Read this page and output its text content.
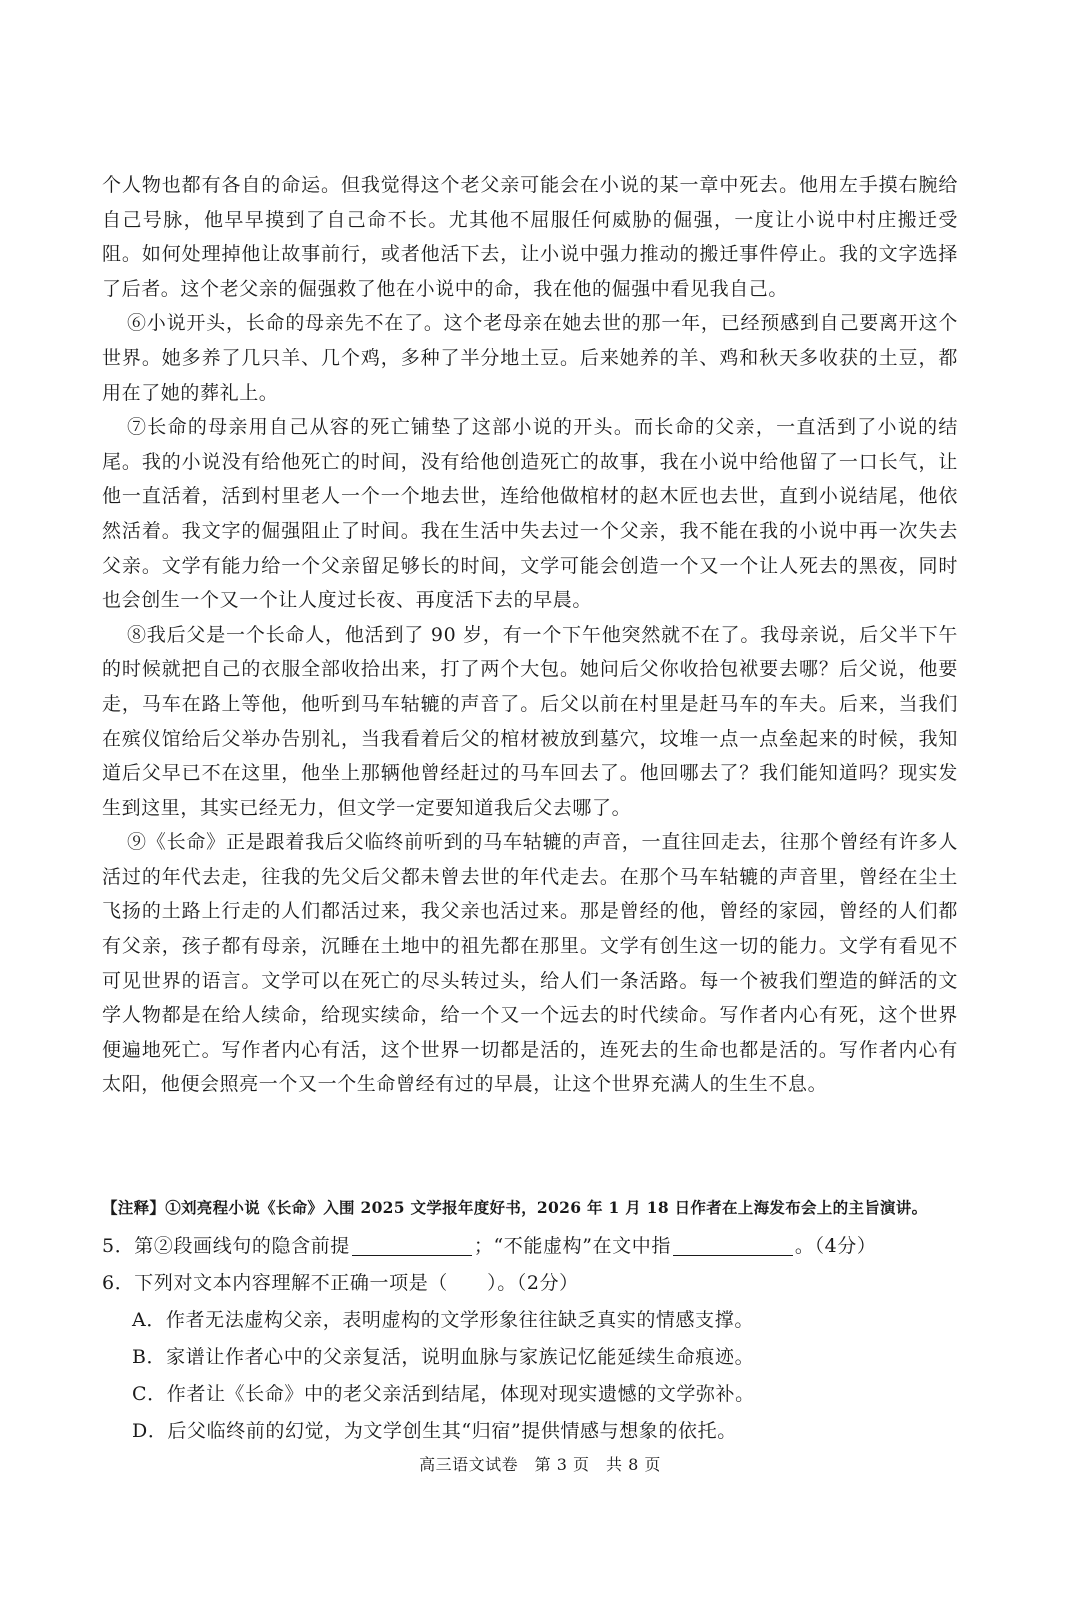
个人物也都有各自的命运。但我觉得这个老父亲可能会在小说的某一章中死去。他用左手摸右腕给自己号脉，他早早摸到了自己命不长。尤其他不屈服任何威胁的倔强，一度让小说中村庄搬迁受阻。如何处理掉他让故事前行，或者他活下去，让小说中强力推动的搬迁事件停止。我的文字选择了后者。这个老父亲的倔强救了他在小说中的命，我在他的倔强中看见我自己。

⑥小说开头，长命的母亲先不在了。这个老母亲在她去世的那一年，已经预感到自己要离开这个世界。她多养了几只羊、几个鸡，多种了半分地土豆。后来她养的羊、鸡和秋天多收获的土豆，都用在了她的葬礼上。

⑦长命的母亲用自己从容的死亡铺垫了这部小说的开头。而长命的父亲，一直活到了小说的结尾。我的小说没有给他死亡的时间，没有给他创造死亡的故事，我在小说中给他留了一口长气，让他一直活着，活到村里老人一个一个地去世，连给他做棺材的赵木匠也去世，直到小说结尾，他依然活着。我文字的倔强阻止了时间。我在生活中失去过一个父亲，我不能在我的小说中再一次失去父亲。文学有能力给一个父亲留足够长的时间，文学可能会创造一个又一个让人死去的黑夜，同时也会创生一个又一个让人度过长夜、再度活下去的早晨。

⑧我后父是一个长命人，他活到了 90 岁，有一个下午他突然就不在了。我母亲说，后父半下午的时候就把自己的衣服全部收拾出来，打了两个大包。她问后父你收拾包袱要去哪？后父说，他要走，马车在路上等他，他听到马车轱辘的声音了。后父以前在村里是赶马车的车夫。后来，当我们在殡仪馆给后父举办告别礼，当我看着后父的棺材被放到墓穴，坟堆一点一点垒起来的时候，我知道后父早已不在这里，他坐上那辆他曾经赶过的马车回去了。他回哪去了？我们能知道吗？现实发生到这里，其实已经无力，但文学一定要知道我后父去哪了。

⑨《长命》正是跟着我后父临终前听到的马车轱辘的声音，一直往回走去，往那个曾经有许多人活过的年代去走，往我的先父后父都未曾去世的年代走去。在那个马车轱辘的声音里，曾经在尘土飞扬的土路上行走的人们都活过来，我父亲也活过来。那是曾经的他，曾经的家园，曾经的人们都有父亲，孩子都有母亲，沉睡在土地中的祖先都在那里。文学有创生这一切的能力。文学有看见不可见世界的语言。文学可以在死亡的尽头转过头，给人们一条活路。每一个被我们塑造的鲜活的文学人物都是在给人续命，给现实续命，给一个又一个远去的时代续命。写作者内心有死，这个世界便遍地死亡。写作者内心有活，这个世界一切都是活的，连死去的生命也都是活的。写作者内心有太阳，他便会照亮一个又一个生命曾经有过的早晨，让这个世界充满人的生生不息。

【注释】①刘亮程小说《长命》入围 2025 文学报年度好书，2026 年 1 月 18 日作者在上海发布会上的主旨演讲。
5．第②段画线句的隐含前提	；“不能虚构”在文中指	。（4分）
6．下列对文本内容理解不正确一项是（　　）。（2分）
A．作者无法虚构父亲，表明虚构的文学形象往往缺乏真实的情感支撑。
B．家谱让作者心中的父亲复活，说明血脉与家族记忆能延续生命痕迹。
C．作者让《长命》中的老父亲活到结尾，体现对现实遗憾的文学弥补。
D．后父临终前的幻觉，为文学创生其“归宿”提供情感与想象的依托。
高三语文试卷　第 3 页　共 8 页
